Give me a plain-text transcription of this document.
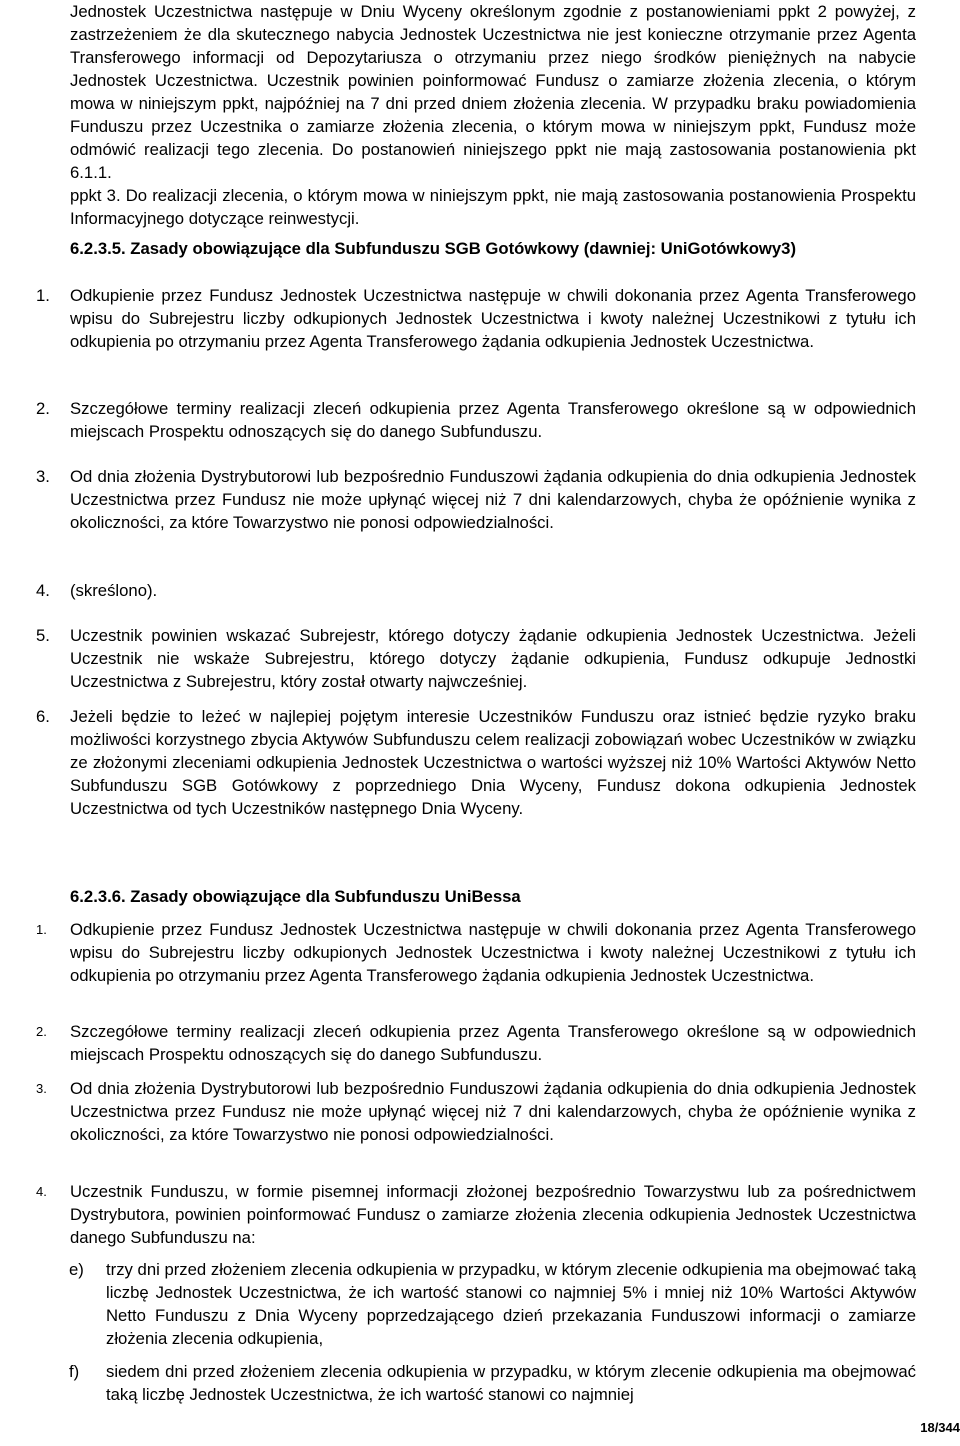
Jednostek Uczestnictwa następuje w Dniu Wyceny określonym zgodnie z postanowieniami ppkt 2 powyżej, z zastrzeżeniem że dla skutecznego nabycia Jednostek Uczestnictwa nie jest konieczne otrzymanie przez Agenta Transferowego informacji od Depozytariusza o otrzymaniu przez niego środków pieniężnych na nabycie Jednostek Uczestnictwa. Uczestnik powinien poinformować Fundusz o zamiarze złożenia zlecenia, o którym mowa w niniejszym ppkt, najpóźniej na 7 dni przed dniem złożenia zlecenia. W przypadku braku powiadomienia Funduszu przez Uczestnika o zamiarze złożenia zlecenia, o którym mowa w niniejszym ppkt, Fundusz może odmówić realizacji tego zlecenia. Do postanowień niniejszego ppkt nie mają zastosowania postanowienia pkt 6.1.1.
ppkt 3. Do realizacji zlecenia, o którym mowa w niniejszym ppkt, nie mają zastosowania postanowienia Prospektu Informacyjnego dotyczące reinwestycji.
6.2.3.5. Zasady obowiązujące dla Subfunduszu SGB Gotówkowy (dawniej: UniGotówkowy3)
1. Odkupienie przez Fundusz Jednostek Uczestnictwa następuje w chwili dokonania przez Agenta Transferowego wpisu do Subrejestru liczby odkupionych Jednostek Uczestnictwa i kwoty należnej Uczestnikowi z tytułu ich odkupienia po otrzymaniu przez Agenta Transferowego żądania odkupienia Jednostek Uczestnictwa.
2. Szczegółowe terminy realizacji zleceń odkupienia przez Agenta Transferowego określone są w odpowiednich miejscach Prospektu odnoszących się do danego Subfunduszu.
3. Od dnia złożenia Dystrybutorowi lub bezpośrednio Funduszowi żądania odkupienia do dnia odkupienia Jednostek Uczestnictwa przez Fundusz nie może upłynąć więcej niż 7 dni kalendarzowych, chyba że opóźnienie wynika z okoliczności, za które Towarzystwo nie ponosi odpowiedzialności.
4. (skreślono).
5. Uczestnik powinien wskazać Subrejestr, którego dotyczy żądanie odkupienia Jednostek Uczestnictwa. Jeżeli Uczestnik nie wskaże Subrejestru, którego dotyczy żądanie odkupienia, Fundusz odkupuje Jednostki Uczestnictwa z Subrejestru, który został otwarty najwcześniej.
6. Jeżeli będzie to leżeć w najlepiej pojętym interesie Uczestników Funduszu oraz istnieć będzie ryzyko braku możliwości korzystnego zbycia Aktywów Subfunduszu celem realizacji zobowiązań wobec Uczestników w związku ze złożonymi zleceniami odkupienia Jednostek Uczestnictwa o wartości wyższej niż 10% Wartości Aktywów Netto Subfunduszu SGB Gotówkowy z poprzedniego Dnia Wyceny, Fundusz dokona odkupienia Jednostek Uczestnictwa od tych Uczestników następnego Dnia Wyceny.
6.2.3.6. Zasady obowiązujące dla Subfunduszu UniBessa
1. Odkupienie przez Fundusz Jednostek Uczestnictwa następuje w chwili dokonania przez Agenta Transferowego wpisu do Subrejestru liczby odkupionych Jednostek Uczestnictwa i kwoty należnej Uczestnikowi z tytułu ich odkupienia po otrzymaniu przez Agenta Transferowego żądania odkupienia Jednostek Uczestnictwa.
2. Szczegółowe terminy realizacji zleceń odkupienia przez Agenta Transferowego określone są w odpowiednich miejscach Prospektu odnoszących się do danego Subfunduszu.
3. Od dnia złożenia Dystrybutorowi lub bezpośrednio Funduszowi żądania odkupienia do dnia odkupienia Jednostek Uczestnictwa przez Fundusz nie może upłynąć więcej niż 7 dni kalendarzowych, chyba że opóźnienie wynika z okoliczności, za które Towarzystwo nie ponosi odpowiedzialności.
4. Uczestnik Funduszu, w formie pisemnej informacji złożonej bezpośrednio Towarzystwu lub za pośrednictwem Dystrybutora, powinien poinformować Fundusz o zamiarze złożenia zlecenia odkupienia Jednostek Uczestnictwa danego Subfunduszu na:
e) trzy dni przed złożeniem zlecenia odkupienia w przypadku, w którym zlecenie odkupienia ma obejmować taką liczbę Jednostek Uczestnictwa, że ich wartość stanowi co najmniej 5% i mniej niż 10% Wartości Aktywów Netto Funduszu z Dnia Wyceny poprzedzającego dzień przekazania Funduszowi informacji o zamiarze złożenia zlecenia odkupienia,
f) siedem dni przed złożeniem zlecenia odkupienia w przypadku, w którym zlecenie odkupienia ma obejmować taką liczbę Jednostek Uczestnictwa, że ich wartość stanowi co najmniej
18/344
